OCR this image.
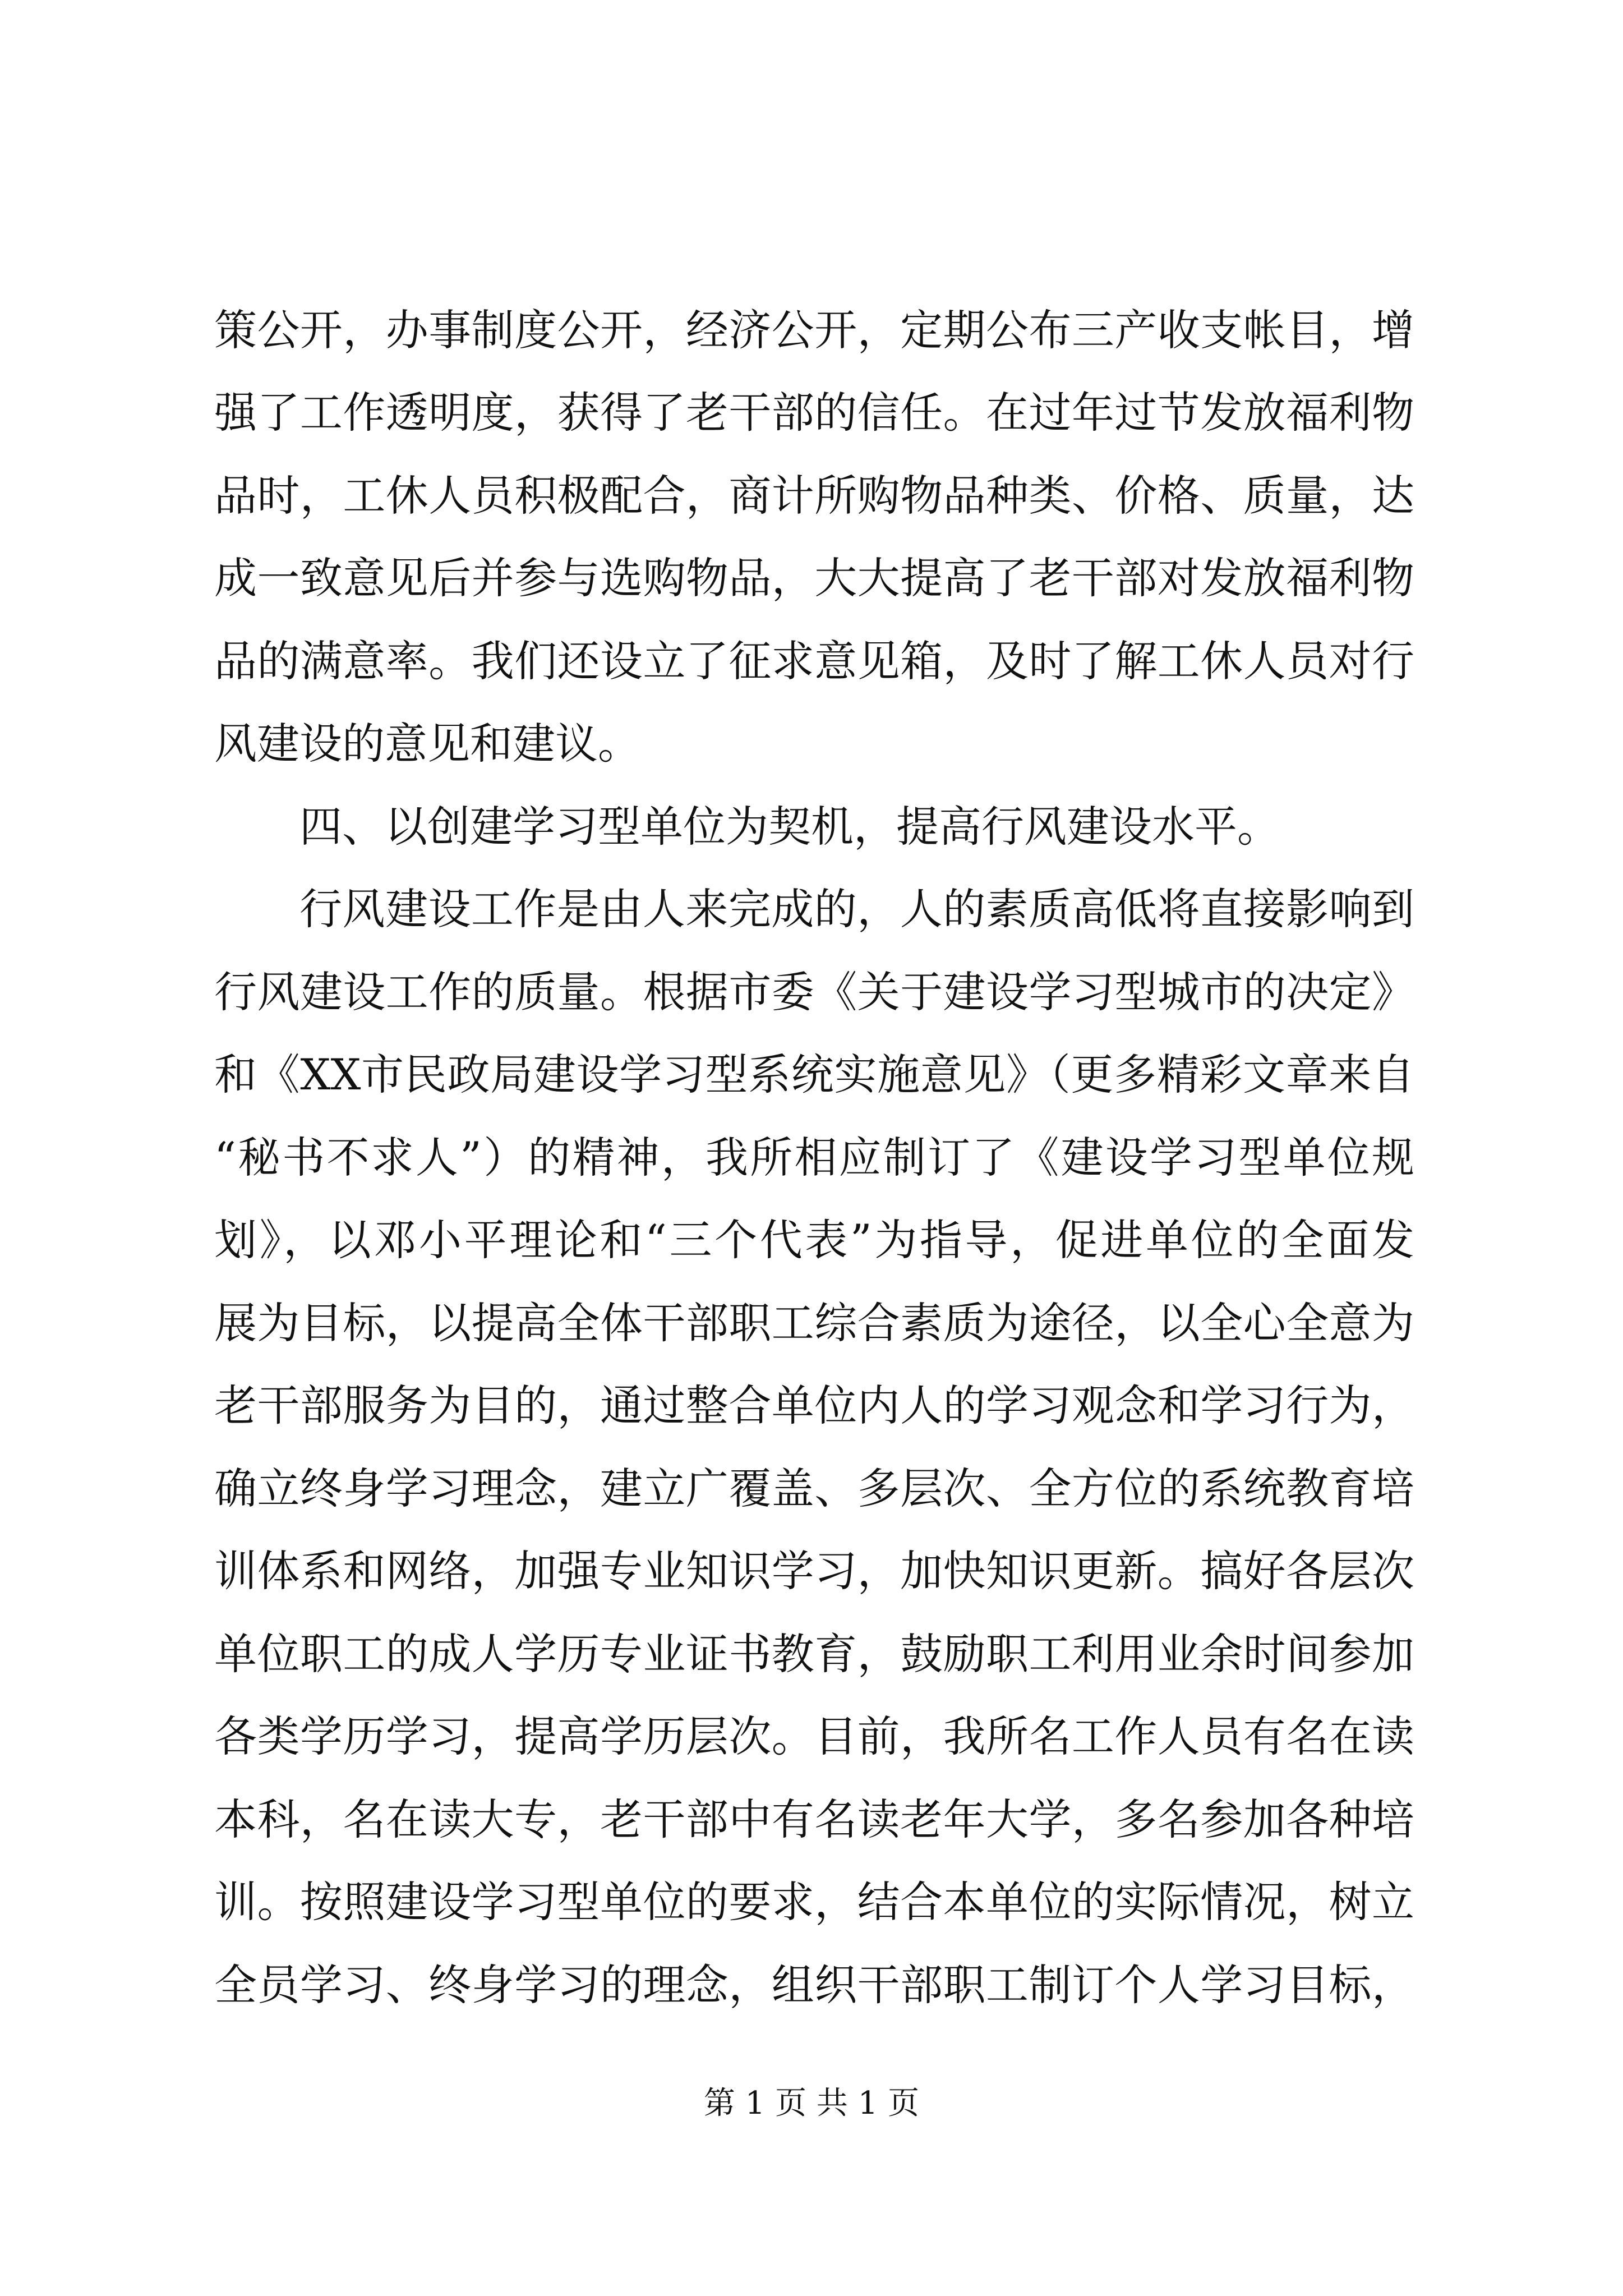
策公开，办事制度公开，经济公开，定期公布三产收支帐目，增
强了工作透明度，获得了老干部的信任。在过年过节发放福利物
品时，工休人员积极配合，商计所购物品种类、价格、质量，达
成一致意见后并参与选购物品，大大提高了老干部对发放福利物
品的满意率。我们还设立了征求意见箱，及时了解工休人员对行
风建设的意见和建议。
四、以创建学习型单位为契机，提高行风建设水平。
行风建设工作是由人来完成的，人的素质高低将直接影响到
行风建设工作的质量。根据市委《关于建设学习型城市的决定》
和《XX市民政局建设学习型系统实施意见》（更多精彩文章来自
“秘书不求人”）的精神，我所相应制订了《建设学习型单位规
划》，以邓小平理论和“三个代表”为指导，促进单位的全面发
展为目标，以提高全体干部职工综合素质为途径，以全心全意为
老干部服务为目的，通过整合单位内人的学习观念和学习行为，
确立终身学习理念，建立广覆盖、多层次、全方位的系统教育培
训体系和网络，加强专业知识学习，加快知识更新。搞好各层次
单位职工的成人学历专业证书教育，鼓励职工利用业余时间参加
各类学历学习，提高学历层次。目前，我所名工作人员有名在读
本科，名在读大专，老干部中有名读老年大学，多名参加各种培
训。按照建设学习型单位的要求，结合本单位的实际情况，树立
全员学习、终身学习的理念，组织干部职工制订个人学习目标，
第 1 页 共 1 页
